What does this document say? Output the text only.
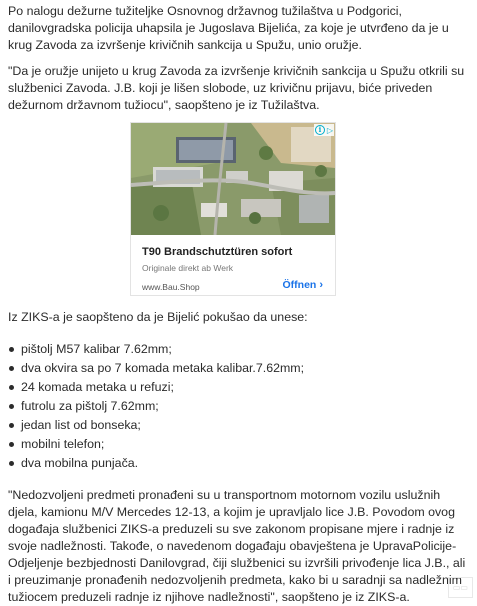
Po nalogu dežurne tužiteljke Osnovnog državnog tužilaštva u Podgorici, danilovgradska policija uhapsila je Jugoslava Bijelića, za koje je utvrđeno da je u krug Zavoda za izvršenje krivičnih sankcija u Spužu, unio oružje.

"Da je oružje unijeto u krug Zavoda za izvršenje krivičnih sankcija u Spužu otkrili su službenici Zavoda. J.B. koji je lišen slobode, uz krivičnu prijavu, biće priveden dežurnom državnom tužiocu", saopšteno je iz Tužilaštva.

i ▷
T90 Brandschutztüren sofort
Originale direkt ab Werk
www.Bau.Shop	Öffnen ›

Iz ZIKS-a je saopšteno da je Bijelić pokušao da unese:

pištolj M57 kalibar 7.62mm;
dva okvira sa po 7 komada metaka kalibar.7.62mm;
24 komada metaka u refuzi;
futrolu za pištolj 7.62mm;
jedan list od bonseka;
mobilni telefon;
dva mobilna punjača.

"Nedozvoljeni predmeti pronađeni su u transportnom motornom vozilu uslužnih djela, kamionu M/V Mercedes 12-13, a kojim je upravljalo lice J.B. Povodom ovog događaja službenici ZIKS-a preduzeli su sve zakonom propisane mjere i radnje iz svoje nadležnosti. Takođe, o navedenom događaju obavještena je UpravaPolicije-Odjeljenje bezbjednosti Danilovgrad, čiji službenici su izvršili privođenje lica J.B., ali i preuzimanje pronađenih nedozvoljenih predmeta, kako bi u saradnji sa nadležnim tužiocem preduzeli radnje iz njihove nadležnosti", saopšteno je iz ZIKS-a.

▭▭
